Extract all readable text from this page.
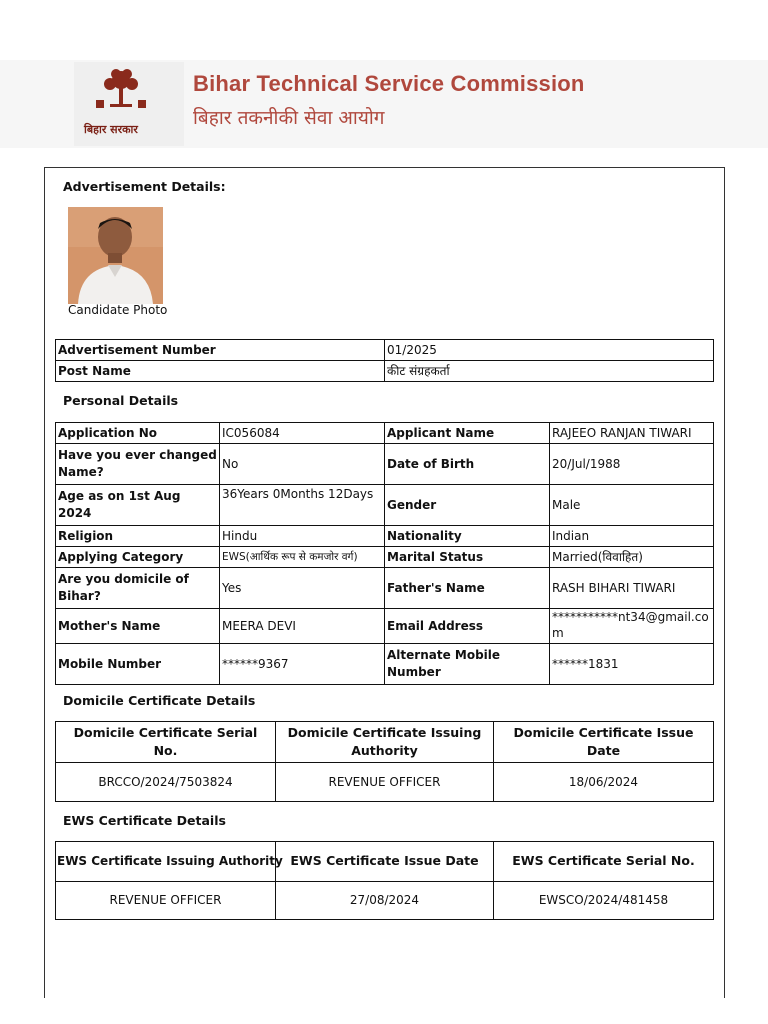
बिहार सरकार
Bihar Technical Service Commission
बिहार तकनीकी सेवा आयोग
Advertisement Details:
Candidate Photo
Advertisement Number	01/2025
Post Name	कीट संग्रहकर्ता
Personal Details
Application No	IC056084	Applicant Name	RAJEEO RANJAN TIWARI
Have you ever changed Name?	No	Date of Birth	20/Jul/1988
Age as on 1st Aug 2024	36Years 0Months 12Days	Gender	Male
Religion	Hindu	Nationality	Indian
Applying Category	EWS(आर्थिक रूप से कमजोर वर्ग)	Marital Status	Married(विवाहित)
Are you domicile of Bihar?	Yes	Father's Name	RASH BIHARI TIWARI
Mother's Name	MEERA DEVI	Email Address	***********nt34@gmail.com
Mobile Number	******9367	Alternate Mobile Number	******1831
Domicile Certificate Details
Domicile Certificate Serial No.	Domicile Certificate Issuing Authority	Domicile Certificate Issue Date
BRCCO/2024/7503824	REVENUE OFFICER	18/06/2024
EWS Certificate Details
EWS Certificate Issuing Authority	EWS Certificate Issue Date	EWS Certificate Serial No.
REVENUE OFFICER	27/08/2024	EWSCO/2024/481458
